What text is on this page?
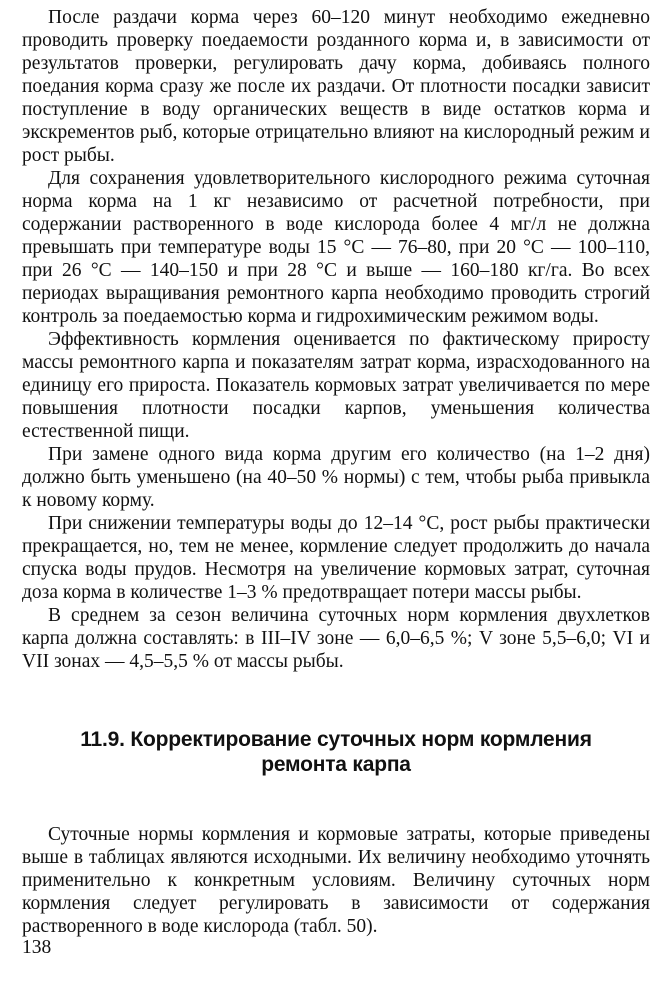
После раздачи корма через 60–120 минут необходимо ежедневно проводить проверку поедаемости розданного корма и, в зависимости от результатов проверки, регулировать дачу корма, добиваясь полного поедания корма сразу же после их раздачи. От плотности посадки зависит поступление в воду органических веществ в виде остатков корма и экскрементов рыб, которые отрицательно влияют на кислородный режим и рост рыбы.

Для сохранения удовлетворительного кислородного режима суточная норма корма на 1 кг независимо от расчетной потребности, при содержании растворенного в воде кислорода более 4 мг/л не должна превышать при температуре воды 15 °C — 76–80, при 20 °C — 100–110, при 26 °C — 140–150 и при 28 °C и выше — 160–180 кг/га. Во всех периодах выращивания ремонтного карпа необходимо проводить строгий контроль за поедаемостью корма и гидрохимическим режимом воды.

Эффективность кормления оценивается по фактическому приросту массы ремонтного карпа и показателям затрат корма, израсходованного на единицу его прироста. Показатель кормовых затрат увеличивается по мере повышения плотности посадки карпов, уменьшения количества естественной пищи.

При замене одного вида корма другим его количество (на 1–2 дня) должно быть уменьшено (на 40–50 % нормы) с тем, чтобы рыба привыкла к новому корму.

При снижении температуры воды до 12–14 °C, рост рыбы практически прекращается, но, тем не менее, кормление следует продолжить до начала спуска воды прудов. Несмотря на увеличение кормовых затрат, суточная доза корма в количестве 1–3 % предотвращает потери массы рыбы.

В среднем за сезон величина суточных норм кормления двухлетков карпа должна составлять: в III–IV зоне — 6,0–6,5 %; V зоне 5,5–6,0; VI и VII зонах — 4,5–5,5 % от массы рыбы.

11.9. Корректирование суточных норм кормления
ремонта карпа

Суточные нормы кормления и кормовые затраты, которые приведены выше в таблицах являются исходными. Их величину необходимо уточнять применительно к конкретным условиям. Величину суточных норм кормления следует регулировать в зависимости от содержания растворенного в воде кислорода (табл. 50).

138
